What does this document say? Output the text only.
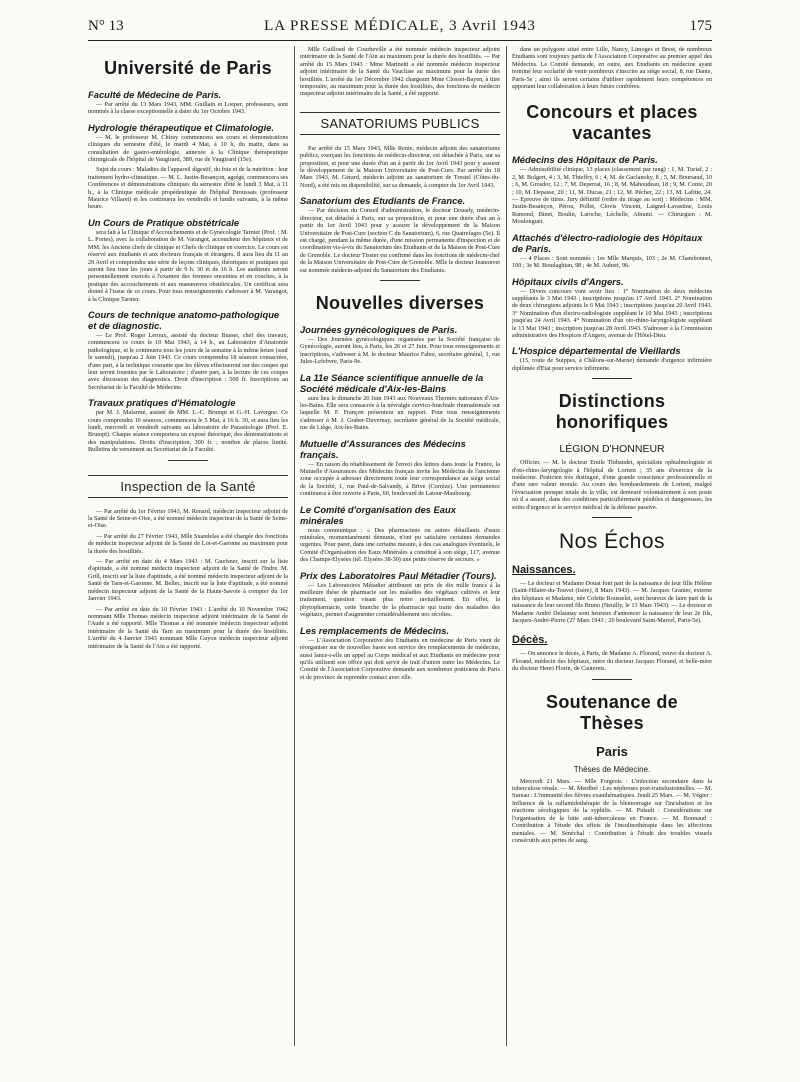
N° 13	LA PRESSE MÉDICALE, 3 Avril 1943	175
Université de Paris
Faculté de Médecine de Paris.

— Par arrêté du 13 Mars 1943, MM. Guillain et Loeper, professeurs, sont nommés à la classe exceptionnelle à dater du 1er Octobre 1943.

Hydrologie thérapeutique et Climatologie.

— M. le professeur M. Chiray commencera ses cours et démonstrations cliniques du semestre d'été, le mardi 4 Mai, à 10 h, du matin, dans sa consultation de gastro-entérologie, annexée à la Clinique thérapeutique chirurgicale de l'hôpital de Vaugirard, 389, rue de Vaugirard (15e).

Sujet du cours : Maladies de l'appareil digestif, du foie et de la nutrition : leur traitement hydro-climatique. — M. L. Justin-Besançon, agrégé, commencera ses Conférences et démonstrations cliniques du semestre d'été le lundi 3 Mai, à 11 h., à la Clinique médicale propédeutique de l'hôpital Broussais (professeur Maurice Villaret) et les continuera les vendredis et lundis suivants, à la même heure.

Un Cours de Pratique obstétricale

sera fait à la Clinique d'Accouchements et de Gynécologie Tarnier (Prof. : M. L. Portes), avec la collaboration de M. Varangot, accoucheur des hôpitaux et de MM. les Anciens chefs de clinique et Chefs de clinique en exercice. Le cours est réservé aux étudiants et aux docteurs français et étrangers. Il aura lieu du 11 au 29 Avril et comprendra une série de leçons cliniques, théoriques et pratiques qui auront lieu tous les jours à partir de 9 h. 30 et de 16 h. Les auditeurs seront personnellement exercés à l'examen des femmes enceintes et en couches, à la pratique des accouchements et aux manœuvres obstétricales. Un certificat sera donné à l'issue de ce cours. Pour tous renseignements s'adresser à M. Varangot, à la Clinique Tarnier.

Cours de technique anatomo-pathologique et de diagnostic.

— Le Prof. Roger Leroux, assisté du docteur Busser, chef des travaux, commencera ce cours le 10 Mai 1943, à 14 h., au Laboratoire d'Anatomie pathologique, et le continuera tous les jours de la semaine à la même heure (sauf le samedi), jusqu'au 2 Juin 1943. Ce cours comprendra 18 séances consacrées, d'une part, à la technique courante que les élèves effectueront sur des coupes qui leur seront fournies par le Laboratoire ; d'autre part, à la lecture de ces coupes avec discussion des diagnostics. Droit d'inscription : 500 fr. Inscriptions au Secrétariat de la Faculté de Médecine.

Travaux pratiques d'Hématologie

par M. J. Malarmé, assisté de MM. L.-C. Brumpt et G.-H. Lavergne. Ce cours comprendra 10 séances, commencera le 5 Mai, à 16 h. 30, et aura lieu les lundi, mercredi et vendredi suivants au laboratoire de Parasitologie (Prof. E. Brumpt). Chaque séance comportera un exposé théorique, des démonstrations et des manipulations. Droits d'inscription, 300 fr. ; nombre de places limité. Bulletins de versement au Secrétariat de la Faculté.

Inspection de la Santé

— Par arrêté du 1er Février 1943, M. Renard, médecin inspecteur adjoint de la Santé de Seine-et-Oise, a été nommé médecin inspecteur de la Santé de Seine-et-Oise.

— Par arrêté du 27 Février 1943, Mlle Sxandelas a été chargée des fonctions de médecin inspecteur adjoint de la Santé de Lot-et-Garonne au maximum pour la durée des hostilités.

— Par arrêté en date du 4 Mars 1943 : M. Guefsner, inscrit sur la liste d'aptitude, a été nommé médecin inspecteur adjoint de la Santé de l'Indre. M. Grill, inscrit sur la liste d'aptitude, a été nommé médecin inspecteur adjoint de la Santé de Tarn-et-Garonne. M. Bellec, inscrit sur la liste d'aptitude, a été nommé médecin inspecteur adjoint de la Santé de la Haute-Savoie à compter du 1er Janvier 1943.

— Par arrêté en date du 10 Février 1943 : L'arrêté du 10 Novembre 1942 nommant Mlle Thomas médecin inspecteur adjoint intérimaire de la Santé de l'Aude a été rapporté. Mlle Thomas a été nommée médecin inspecteur adjoint intérimaire de la Santé du Tarn au maximum pour la durée des hostilités. L'arrêté du 4 Janvier 1943 nommant Mlle Guyon médecin inspecteur adjoint intérimaire de la Santé de l'Ain a été rapporté.

Mlle Guilloud de Courbeville a été nommée médecin inspecteur adjoint intérimaire de la Santé de l'Ain au maximum pour la durée des hostilités. — Par arrêté du 15 Mars 1943 : Mme Marinetti a été nommée médecin inspecteur adjoint intérimaire de la Santé du Vaucluse au maximum pour la durée des hostilités. L'arrêté du 1er Décembre 1942 chargeant Mme Closset-Bayen, à titre temporaire, au maximum pour la durée des hostilités, des fonctions de médecin inspecteur adjoint intérimaire de la Santé, a été rapporté.

SANATORIUMS PUBLICS

Par arrêté du 15 Mars 1943, Mlle Renie, médecin adjoint des sanatoriums publics, exerçant les fonctions de médecin-directeur, est détachée à Paris, sur sa proposition, et pour une durée d'un an à partir du 1er Avril 1943 pour y assurer le développement de la Maison Universitaire de Post-Cure. Par arrêté du 18 Mars 1943, M. Gérard, médecin adjoint au sanatorium de Trestel (Côtes-du-Nord), a été mis en disponibilité, sur sa demande, à compter du 1er Avril 1943.

Sanatorium des Etudiants de France.

— Par décision du Conseil d'administration, le docteur Douady, médecin-directeur, est détaché à Paris, sur sa proposition, et pour une durée d'un an à partir du 1er Avril 1943 pour y assurer le développement de la Maison Universitaire de Post-Cure (section C du Sanatorium), 6, rue Quatrefages (5e). Il est chargé, pendant la même durée, d'une mission permanente d'inspection et de coordination vis-à-vis du Sanatorium des Etudiants et de la Maison de Post-Cure de Grenoble. Le docteur Tissier est confirmé dans les fonctions de médecin-chef de la Maison Universitaire de Post-Cure de Grenoble. Mlle le docteur Jeanonvet est nommée médecin-adjoint du Sanatorium des Etudiants.

Nouvelles diverses
Journées gynécologiques de Paris.

— Des Journées gynécologiques organisées par la Société française de Gynécologie, auront lieu, à Paris, les 26 et 27 Juin. Pour tous renseignements et inscriptions, s'adresser à M. le docteur Maurice Fabre, secrétaire général, 1, rue Jules-Lefebvre, Paris-9e.

La 11e Séance scientifique annuelle de la Société médicale d'Aix-les-Bains

aura lieu le dimanche 20 Juin 1943 aux Nouveaux Thermes nationaux d'Aix-les-Bains. Elle sera consacrée à la névralgie cervico-brachiale rhumatismale sur laquelle M. F. Françon présentera un rapport. Pour tous renseignements s'adresser à M. J. Graber-Duvernay, secrétaire général de la Société médicale, rue de Liège, Aix-les-Bains.

Mutuelle d'Assurances des Médecins français.

— En raison du rétablissement de l'envoi des lettres dans toute la France, la Mutuelle d'Assurances des Médecins français invite les Médecins de l'ancienne zone occupée à adresser directement toute leur correspondance au siège social de la Société, 1, rue Paul-de-Salvandy, à Brive (Corrèze). Une permanence continuera à être ouverte à Paris, 60, boulevard de Latour-Maubourg.

Le Comité d'organisation des Eaux minérales

nous communique : « Des pharmaciens ou autres détaillants d'eaux minérales, momentanément démunis, n'ont pu satisfaire certaines demandes urgentes. Pour parer, dans une certaine mesure, à des cas analogues éventuels, le Comité d'Organisation des Eaux Minérales a constitué à son siège, 117, avenue des Champs-Elysées (tél. Elysées 38-30) une petite réserve de secours. »

Prix des Laboratoires Paul Métadier (Tours).

— Les Laboratoires Métadier attribuent un prix de dix mille francs à la meilleure thèse de pharmacie sur les maladies des végétaux cultivés et leur traitement, question visant plus notre ravitaillement. En effet, la phytopharmacie, cette branche de la pharmacie qui traite des maladies des végétaux, permet d'augmenter considérablement nos récoltes.

Les remplacements de Médecins.

— L'Association Corporative des Etudiants en médecine de Paris vient de réorganiser sur de nouvelles bases son service des remplacements de médecins, aussi lance-t-elle un appel au Corps médical et aux Etudiants en médecine pour qu'ils utilisent son office qui doit servir de trait d'union entre les Médecins. Le Comité de l'Association Corporative demande aux nombreux praticiens de Paris et de province de reprendre contact avec elle.

dans un polygone situé entre Lille, Nancy, Limoges et Brest, de nombreux Étudiants sont toujours partis de l'Association Corporative au premier appel des Médecins. Le Comité demande, en outre, aux Etudiants en médecine ayant terminé leur scolarité de venir nombreux s'inscrire au siège social, 8, rue Dante, Paris-5e ; ainsi ils seront certains d'utiliser rapidement leurs compétences en apportant leur collaboration à leurs futurs confrères.

Concours et places vacantes
Médecins des Hôpitaux de Paris.

— Admissibilité clinique, 13 places (classement par rang) : 1, M. Turiaf, 2 ; 2, M. Bolgert, 4 ; 3, M. Thieffry, 6 ; 4, M. de Gaclanoky, 8 ; 5, M. Boursaud, 10 ; 6, M. Grosdor, 12 ; 7, M. Deperrat, 16 ; 8, M. Mahoudeau, 18 ; 9, M. Conte, 20 ; 10, M. Depasse, 20 ; 11, M. Ducas, 21 ; 12, M. Pécher, 22 ; 13, M. Lafitte, 24. — Epreuve de titres. Jury définitif (ordre du tirage au sort) : Médecins : MM. Justin-Besançon, Pérou, Pollet, Clovis Vincent, Laignel-Lavastine, Louis Ramond, Binet, Boulin, Laroche, Léchelle, Abrami. — Chirurgien : M. Moulonguet.

Attachés d'électro-radiologie des Hôpitaux de Paris.

— 4 Places : Sont nommés : 1re Mlle Marquis, 103 ; 2e M. Chambonnet, 100 ; 3e M. Boudaghian, 98 ; 4e M. Aubert, 96.

Hôpitaux civils d'Angers.

— Divers concours vont avoir lieu : 1° Nomination de deux médecins suppléants le 3 Mai 1943 ; inscriptions jusqu'au 17 Avril 1943. 2° Nomination de deux chirurgiens adjoints le 6 Mai 1943 ; inscriptions jusqu'au 20 Avril 1943. 3° Nomination d'un électro-radiologiste suppléant le 10 Mai 1943 ; inscriptions jusqu'au 24 Avril 1943. 4° Nomination d'un oto-rhino-laryngologiste suppléant le 13 Mai 1943 ; inscription jusqu'au 28 Avril 1943. S'adresser à la Commission administrative des Hospices d'Angers, avenue de l'Hôtel-Dieu.

L'Hospice départemental de Vieillards

(15, route de Suippes, à Châlons-sur-Marne) demande d'urgence infirmière diplômée d'Etat pour service infirmerie.

Distinctions honorifiques
LÉGION D'HONNEUR

Officier. — M. le docteur Emile Thibaudet, spécialiste ophtalmologiste et d'oto-rhino-laryngologie à l'hôpital de Lorient ; 35 ans d'exercice de la médecine. Praticien très distingué, d'une grande conscience professionnelle et d'une rare valeur morale. Au cours des bombardements de Lorient, malgré l'évacuation presque totale de la ville, est demeuré volontairement à son poste où il a assuré, dans des conditions particulièrement pénibles et dangereuses, les soins d'urgence et le service médical de la défense passive.

Nos Échos
Naissances.

— Le docteur et Madame Douat font part de la naissance de leur fille Hélène (Saint-Hilaire-du-Touvet (Isère), 8 Mars 1943). — M. Jacques Granier, externe des hôpitaux et Madame, née Colette Rousselet, sont heureux de faire part de la naissance de leur second fils Bruno (Neuilly, le 13 Mars 1943). — Le docteur et Madame André Delaunay sont heureux d'annoncer la naissance de leur 2e fils, Jacques-André-Pierre (27 Mars 1943 ; 20 boulevard Saint-Marcel, Paris-5e).

Décès.

— On annonce le décès, à Paris, de Madame A. Florand, veuve du docteur A. Florand, médecin des hôpitaux, mère du docteur Jacques Florand, et belle-mère du docteur Henri Florin, de Cauterets.

Soutenance de Thèses
Paris
Thèses de Médecine.

Mercredi 21 Mars. — Mlle Forgeois : L'infection secondaire dans la tuberculose rénale. — M. Merdbel : Les néphroses post-transfusionnelles. — M. Sureau : L'immunité des fièvres exanthématiques. Jeudi 25 Mars. — M. Végier : Influence de la sulfamidothérapie de la blennorragie sur l'incubation et les réactions sérologiques de la syphilis. — M. Pidault : Considérations sur l'organisation de la lutte anti-tuberculeuse en France. — M. Bonnaud : Contribution à l'étude des effets de l'insulinothérapie dans les affections mentales. — M. Sénéchal : Contribution à l'étude des troubles visuels consécutifs aux pertes de sang.
